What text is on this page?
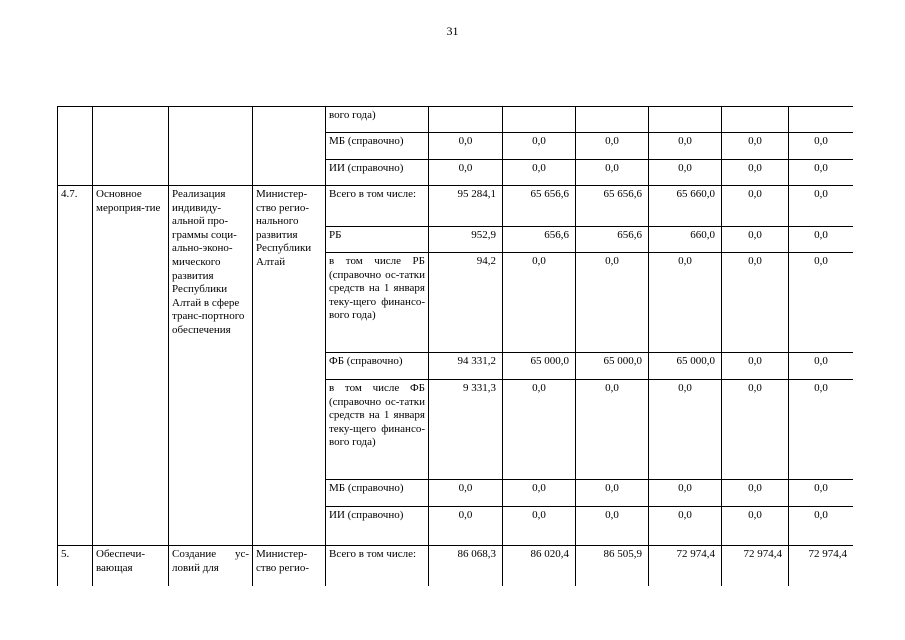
31
				вого года)						
				МБ (справочно)	0,0	0,0	0,0	0,0	0,0	0,0
				ИИ (справочно)	0,0	0,0	0,0	0,0	0,0	0,0
4.7.	Основное мероприя-тие	Реализация индивиду-альной про-граммы соци-ально-эконо-мического развития Республики Алтай в сфере транс-портного обеспечения	Министер-ство регио-нального развития Республики Алтай	Всего в том числе:	95 284,1	65 656,6	65 656,6	65 660,0	0,0	0,0
				РБ	952,9	656,6	656,6	660,0	0,0	0,0
				в том числе РБ (справочно ос-татки средств на 1 января теку-щего финансо-вого года)	94,2	0,0	0,0	0,0	0,0	0,0
				ФБ (справочно)	94 331,2	65 000,0	65 000,0	65 000,0	0,0	0,0
				в том числе ФБ (справочно ос-татки средств на 1 января теку-щего финансо-вого года)	9 331,3	0,0	0,0	0,0	0,0	0,0
				МБ (справочно)	0,0	0,0	0,0	0,0	0,0	0,0
				ИИ (справочно)	0,0	0,0	0,0	0,0	0,0	0,0
5.	Обеспечи-вающая	Создание ус-ловий для	Министер-ство регио-	Всего в том числе:	86 068,3	86 020,4	86 505,9	72 974,4	72 974,4	72 974,4
